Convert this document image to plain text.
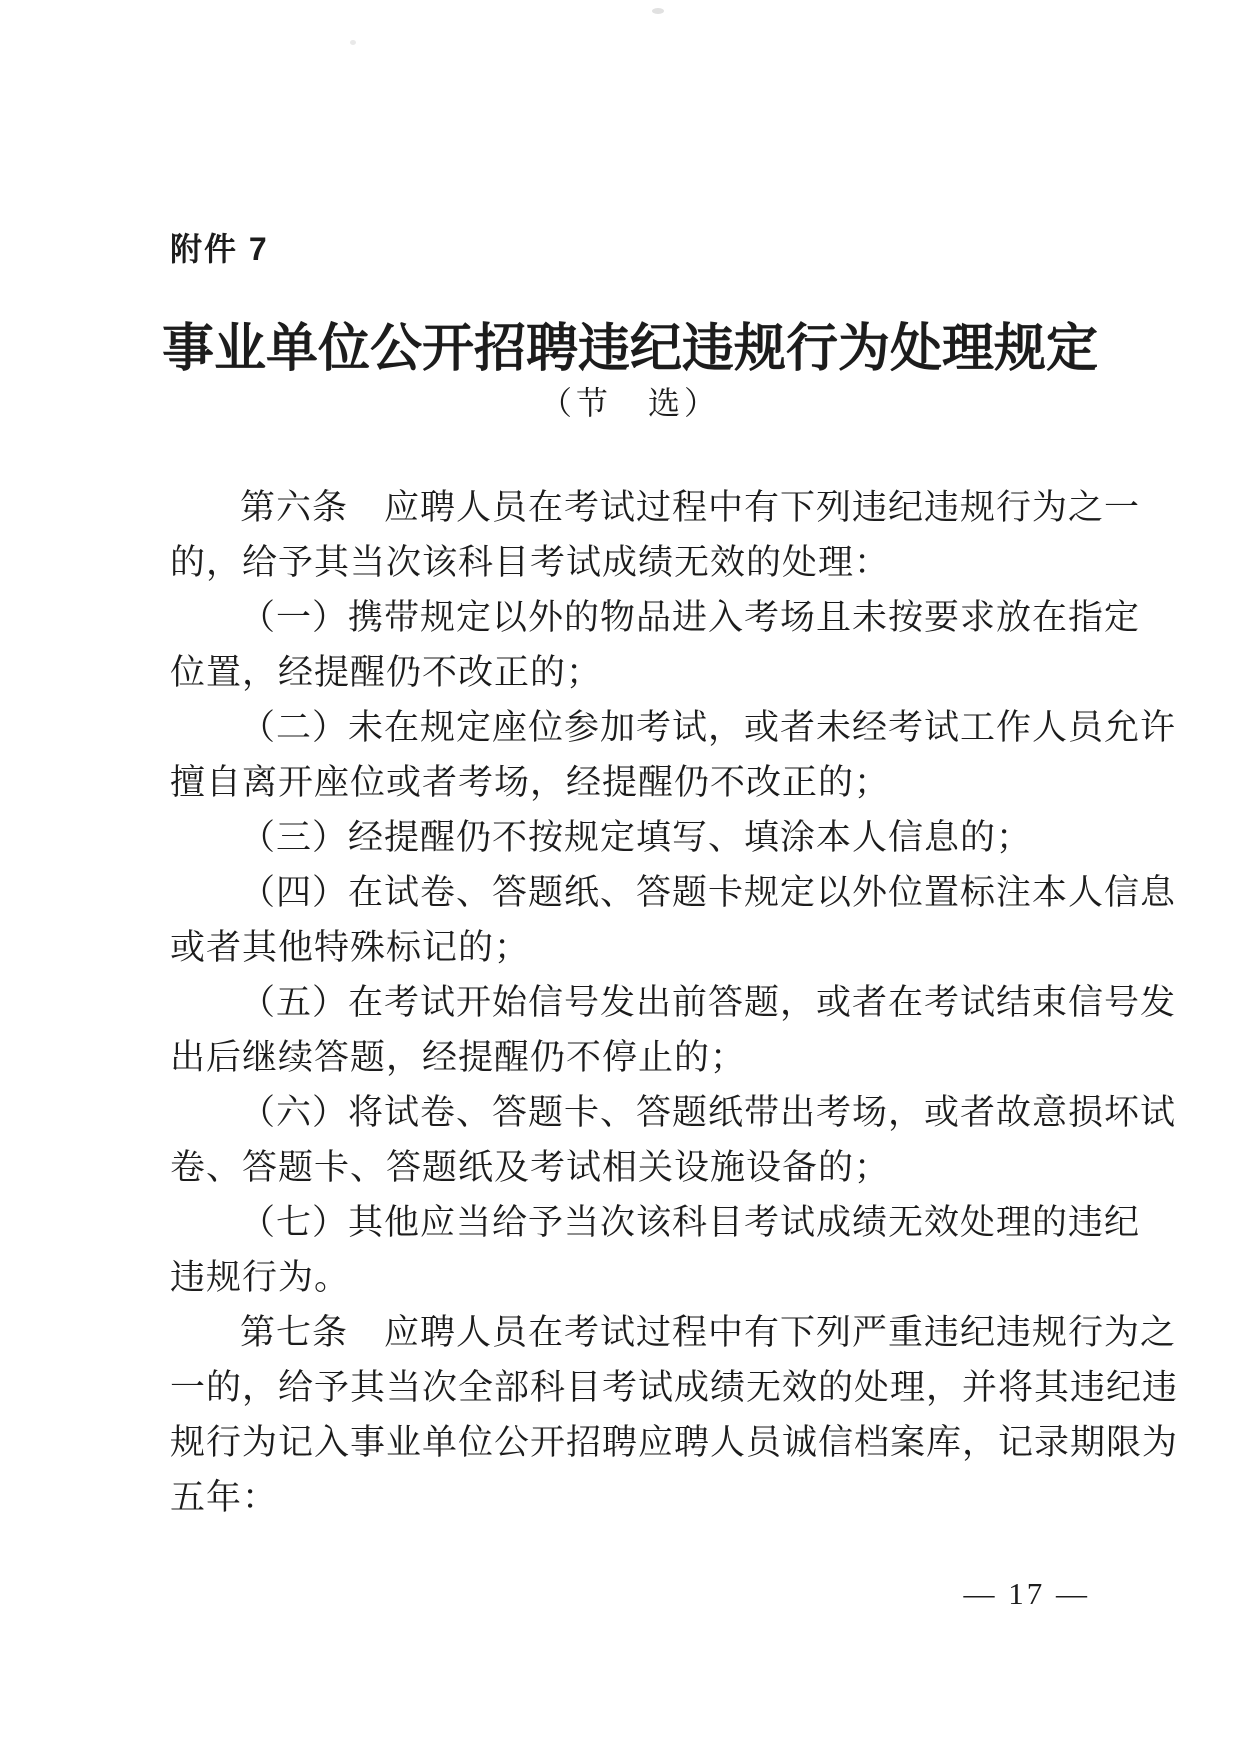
附件 7
事业单位公开招聘违纪违规行为处理规定
（节　选）
第六条　应聘人员在考试过程中有下列违纪违规行为之一
的，给予其当次该科目考试成绩无效的处理：
（一）携带规定以外的物品进入考场且未按要求放在指定
位置，经提醒仍不改正的；
（二）未在规定座位参加考试，或者未经考试工作人员允许
擅自离开座位或者考场，经提醒仍不改正的；
（三）经提醒仍不按规定填写、填涂本人信息的；
（四）在试卷、答题纸、答题卡规定以外位置标注本人信息
或者其他特殊标记的；
（五）在考试开始信号发出前答题，或者在考试结束信号发
出后继续答题，经提醒仍不停止的；
（六）将试卷、答题卡、答题纸带出考场，或者故意损坏试
卷、答题卡、答题纸及考试相关设施设备的；
（七）其他应当给予当次该科目考试成绩无效处理的违纪
违规行为。
第七条　应聘人员在考试过程中有下列严重违纪违规行为之
一的，给予其当次全部科目考试成绩无效的处理，并将其违纪违
规行为记入事业单位公开招聘应聘人员诚信档案库，记录期限为
五年：
— 17 —
